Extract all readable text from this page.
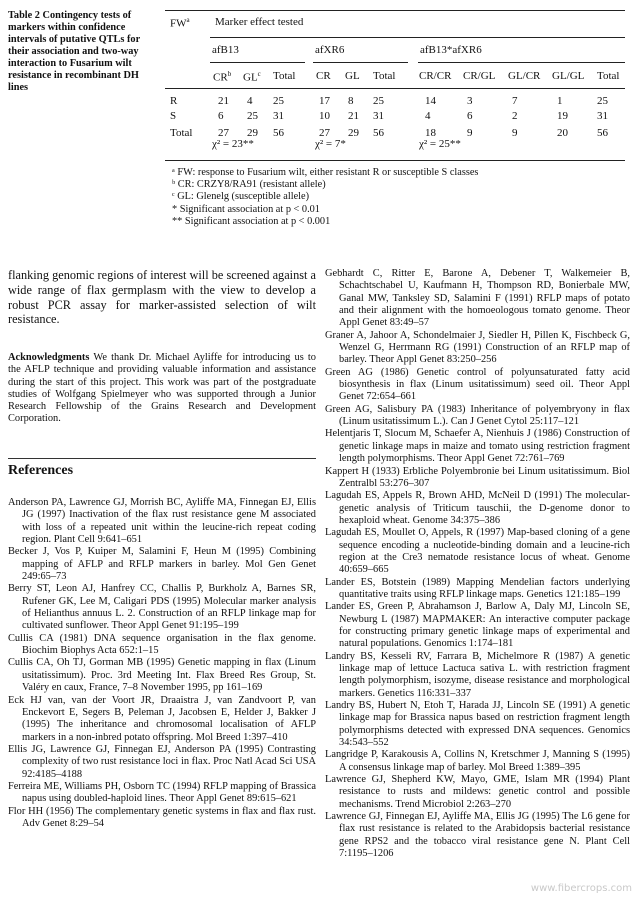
Table 2 Contingency tests of markers within confidence intervals of putative QTLs for their association and two-way interaction to Fusarium wilt resistance in recombinant DH lines
$FW^a$ Marker effect tested
afB13	afXR6	afB13*afXR6
$CR^b$ $GL^c$ Total CR GL Total CR/CR CR/GL GL/CR GL/GL Total
R	21 4 25	17 8 25	14	3	7	1	25
S	6 25 31	10 21 31	4	6	2	19	31
Total 27 29 56	27 29 56	18	9	9	20	56
χ² = 23**	χ² = 7*	χ² = 25**
ᵃ FW: response to Fusarium wilt, either resistant R or susceptible S classes
ᵇ CR: CRZY8/RA91 (resistant allele)
ᶜ GL: Glenelg (susceptible allele)
* Significant association at p < 0.01
** Significant association at p < 0.001
flanking genomic regions of interest will be screened against a wide range of flax germplasm with the view to develop a robust PCR assay for marker-assisted selection of wilt resistance.
Acknowledgments We thank Dr. Michael Ayliffe for introducing us to the AFLP technique and providing valuable information and assistance during the start of this project. This work was part of the postgraduate studies of Wolfgang Spielmeyer who was supported through a Junior Research Fellowship of the Grains Research and Development Corporation.
References

Anderson PA, Lawrence GJ, Morrish BC, Ayliffe MA, Finnegan EJ, Ellis JG (1997) Inactivation of the flax rust resistance gene M associated with loss of a repeated unit within the leucine-rich repeat coding region. Plant Cell 9:641–651

Becker J, Vos P, Kuiper M, Salamini F, Heun M (1995) Combining mapping of AFLP and RFLP markers in barley. Mol Gen Genet 249:65–73

Berry ST, Leon AJ, Hanfrey CC, Challis P, Burkholz A, Barnes SR, Rufener GK, Lee M, Caligari PDS (1995) Molecular marker analysis of Helianthus annuus L. 2. Construction of an RFLP linkage map for cultivated sunflower. Theor Appl Genet 91:195–199

Cullis CA (1981) DNA sequence organisation in the flax genome. Biochim Biophys Acta 652:1–15

Cullis CA, Oh TJ, Gorman MB (1995) Genetic mapping in flax (Linum usitatissimum). Proc. 3rd Meeting Int. Flax Breed Res Group, St. Valéry en caux, France, 7–8 November 1995, pp 161–169

Eck HJ van, van der Voort JR, Draaistra J, van Zandvoort P, van Enckevort E, Segers B, Peleman J, Jacobsen E, Helder J, Bakker J (1995) The inheritance and chromosomal localisation of AFLP markers in a non-inbred potato offspring. Mol Breed 1:397–410

Ellis JG, Lawrence GJ, Finnegan EJ, Anderson PA (1995) Contrasting complexity of two rust resistance loci in flax. Proc Natl Acad Sci USA 92:4185–4188

Ferreira ME, Williams PH, Osborn TC (1994) RFLP mapping of Brassica napus using doubled-haploid lines. Theor Appl Genet 89:615–621

Flor HH (1956) The complementary genetic systems in flax and flax rust. Adv Genet 8:29–54

Gebhardt C, Ritter E, Barone A, Debener T, Walkemeier B, Schachtschabel U, Kaufmann H, Thompson RD, Bonierbale MW, Ganal MW, Tanksley SD, Salamini F (1991) RFLP maps of potato and their alignment with the homoeologous tomato genome. Theor Appl Genet 83:49–57

Graner A, Jahoor A, Schondelmaier J, Siedler H, Pillen K, Fischbeck G, Wenzel G, Herrmann RG (1991) Construction of an RFLP map of barley. Theor Appl Genet 83:250–256

Green AG (1986) Genetic control of polyunsaturated fatty acid biosynthesis in flax (Linum usitatissimum) seed oil. Theor Appl Genet 72:654–661

Green AG, Salisbury PA (1983) Inheritance of polyembryony in flax (Linum usitatissimum L.). Can J Genet Cytol 25:117–121

Helentjaris T, Slocum M, Schaefer A, Nienhuis J (1986) Construction of genetic linkage maps in maize and tomato using restriction fragment length polymorphisms. Theor Appl Genet 72:761–769

Kappert H (1933) Erbliche Polyembronie bei Linum usitatissimum. Biol Zentralbl 53:276–307

Lagudah ES, Appels R, Brown AHD, McNeil D (1991) The molecular-genetic analysis of Triticum tauschii, the D-genome donor to hexaploid wheat. Genome 34:375–386

Lagudah ES, Moullet O, Appels, R (1997) Map-based cloning of a gene sequence encoding a nucleotide-binding domain and a leucine-rich region at the Cre3 nematode resistance locus of wheat. Genome 40:659–665

Lander ES, Botstein (1989) Mapping Mendelian factors underlying quantitative traits using RFLP linkage maps. Genetics 121:185–199

Lander ES, Green P, Abrahamson J, Barlow A, Daly MJ, Lincoln SE, Newburg L (1987) MAPMAKER: An interactive computer package for constructing primary genetic linkage maps of experimental and natural populations. Genomics 1:174–181

Landry BS, Kesseli RV, Farrara B, Michelmore R (1987) A genetic linkage map of lettuce Lactuca sativa L. with restriction fragment length polymorphism, isozyme, disease resistance and morphological markers. Genetics 116:331–337

Landry BS, Hubert N, Etoh T, Harada JJ, Lincoln SE (1991) A genetic linkage map for Brassica napus based on restriction fragment length polymorphisms detected with expressed DNA sequences. Genomics 34:543–552

Langridge P, Karakousis A, Collins N, Kretschmer J, Manning S (1995) A consensus linkage map of barley. Mol Breed 1:389–395

Lawrence GJ, Shepherd KW, Mayo, GME, Islam MR (1994) Plant resistance to rusts and mildews: genetic control and possible mechanisms. Trend Microbiol 2:263–270

Lawrence GJ, Finnegan EJ, Ayliffe MA, Ellis JG (1995) The L6 gene for flax rust resistance is related to the Arabidopsis bacterial resistance gene RPS2 and the tobacco viral resistance gene N. Plant Cell 7:1195–1206

www.fibercrops.com
